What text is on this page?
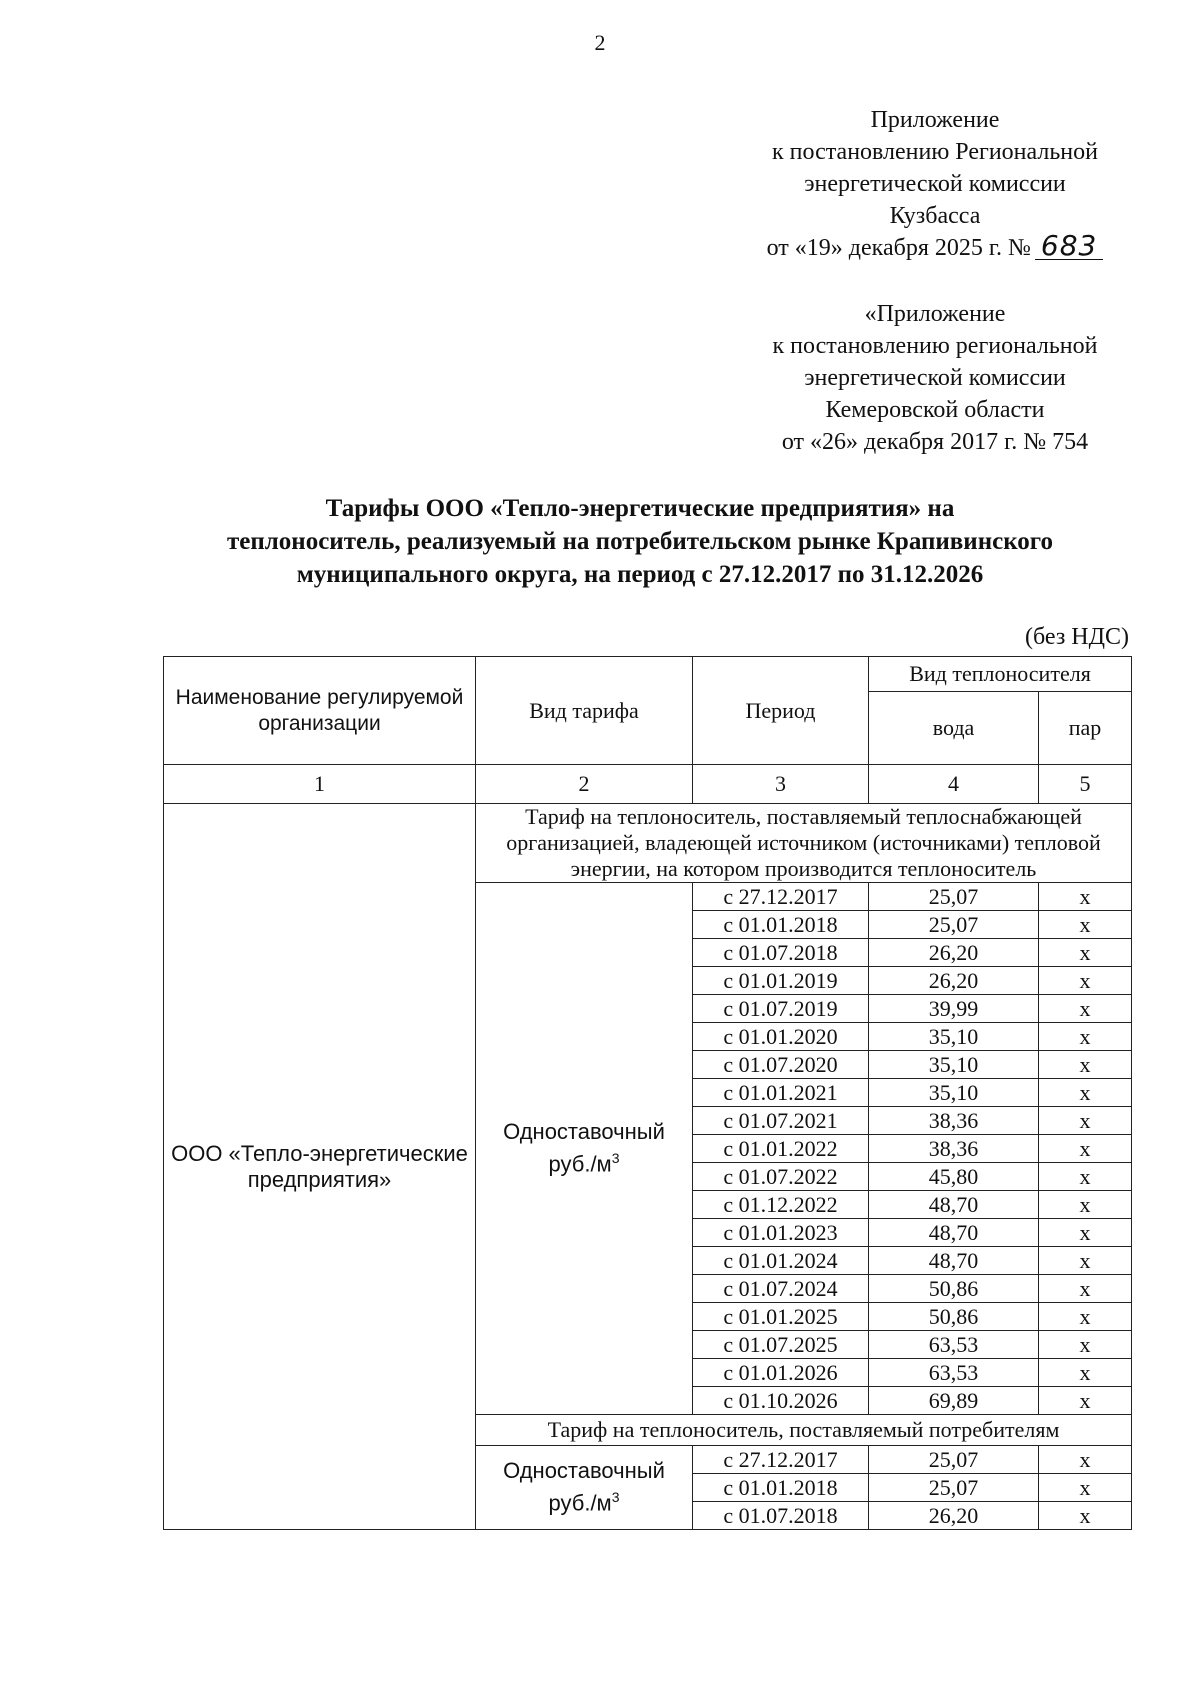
2
Приложение
к постановлению Региональной
энергетической комиссии
Кузбасса
от «19» декабря 2025 г. № 683
«Приложение
к постановлению региональной
энергетической комиссии
Кемеровской области
от «26» декабря 2017 г. № 754
Тарифы ООО «Тепло-энергетические предприятия» на
теплоноситель, реализуемый на потребительском рынке Крапивинского
муниципального округа, на период с 27.12.2017 по 31.12.2026
(без НДС)
Наименование регулируемой организации	Вид тарифа	Период	Вид теплоносителя	
			вода	пар
1	2	3	4	5
ООО «Тепло-энергетические предприятия»	Тариф на теплоноситель, поставляемый теплоснабжающей организацией, владеющей источником (источниками) тепловой энергии, на котором производится теплоноситель			

	Одноставочный
$руб./м^3$	с 27.12.2017	25,07	х
		с 01.01.2018	25,07	х
		с 01.07.2018	26,20	х
		с 01.01.2019	26,20	х
		с 01.07.2019	39,99	х
		с 01.01.2020	35,10	х
		с 01.07.2020	35,10	х
		с 01.01.2021	35,10	х
		с 01.07.2021	38,36	х
		с 01.01.2022	38,36	х
		с 01.07.2022	45,80	х
		с 01.12.2022	48,70	х
		с 01.01.2023	48,70	х
		с 01.01.2024	48,70	х
		с 01.07.2024	50,86	х
		с 01.01.2025	50,86	х
		с 01.07.2025	63,53	х
		с 01.01.2026	63,53	х
		с 01.10.2026	69,89	х
	Тариф на теплоноситель, поставляемый потребителям			

	Одноставочный
$руб./м^3$	с 27.12.2017	25,07	х
		с 01.01.2018	25,07	х
		с 01.07.2018	26,20	х
